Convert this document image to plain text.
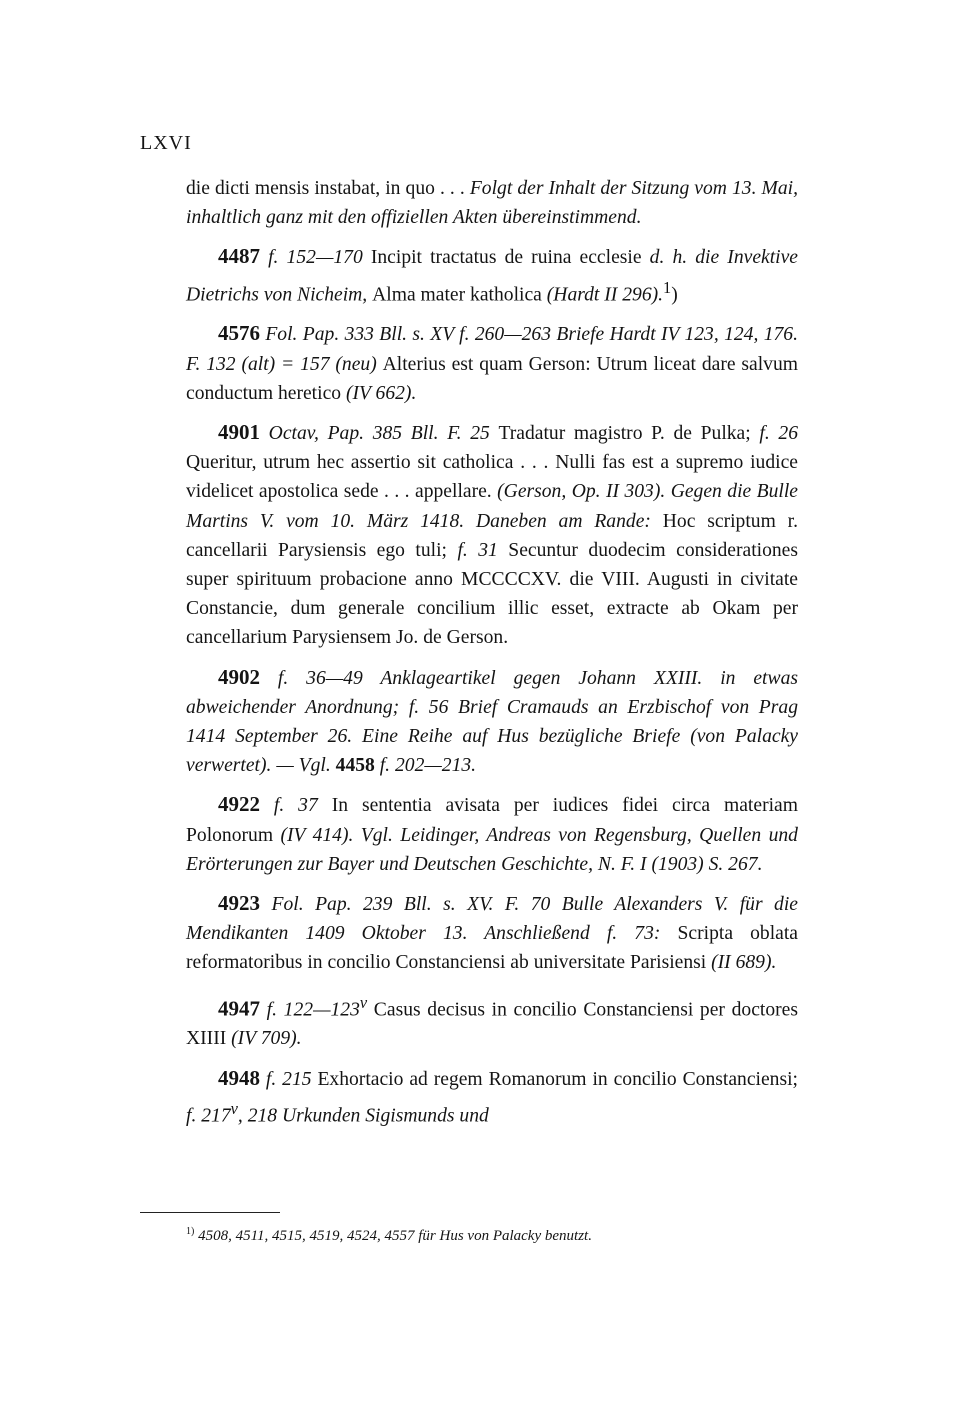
LXVI

die dicti mensis instabat, in quo . . . Folgt der Inhalt der Sitzung vom 13. Mai, inhaltlich ganz mit den offiziellen Akten übereinstimmend.

4487 f. 152—170 Incipit tractatus de ruina ecclesie d. h. die Invektive Dietrichs von Nicheim, Alma mater katholica (Hardt II 296).$^1$)

4576 Fol. Pap. 333 Bll. s. XV f. 260—263 Briefe Hardt IV 123, 124, 176. F. 132 (alt) = 157 (neu) Alterius est quam Gerson: Utrum liceat dare salvum conductum heretico (IV 662).

4901 Octav, Pap. 385 Bll. F. 25 Tradatur magistro P. de Pulka; f. 26 Queritur, utrum hec assertio sit catholica . . . Nulli fas est a supremo iudice videlicet apostolica sede . . . appellare. (Gerson, Op. II 303). Gegen die Bulle Martins V. vom 10. März 1418. Daneben am Rande: Hoc scriptum r. cancellarii Parysiensis ego tuli; f. 31 Secuntur duodecim considerationes super spirituum probacione anno MCCCCXV. die VIII. Augusti in civitate Constancie, dum generale concilium illic esset, extracte ab Okam per cancellarium Parysiensem Jo. de Gerson.

4902 f. 36—49 Anklageartikel gegen Johann XXIII. in etwas abweichender Anordnung; f. 56 Brief Cramauds an Erzbischof von Prag 1414 September 26. Eine Reihe auf Hus bezügliche Briefe (von Palacky verwertet). — Vgl. 4458 f. 202—213.

4922 f. 37 In sententia avisata per iudices fidei circa materiam Polonorum (IV 414). Vgl. Leidinger, Andreas von Regensburg, Quellen und Erörterungen zur Bayer und Deutschen Geschichte, N. F. I (1903) S. 267.

4923 Fol. Pap. 239 Bll. s. XV. F. 70 Bulle Alexanders V. für die Mendikanten 1409 Oktober 13. Anschließend f. 73: Scripta oblata reformatoribus in concilio Constanciensi ab universitate Parisiensi (II 689).

4947 f. 122—123$^v$ Casus decisus in concilio Constanciensi per doctores XIIII (IV 709).

4948 f. 215 Exhortacio ad regem Romanorum in concilio Constanciensi; f. 217$^v$, 218 Urkunden Sigismunds und

$^{1)}$ 4508, 4511, 4515, 4519, 4524, 4557 für Hus von Palacky benutzt.
